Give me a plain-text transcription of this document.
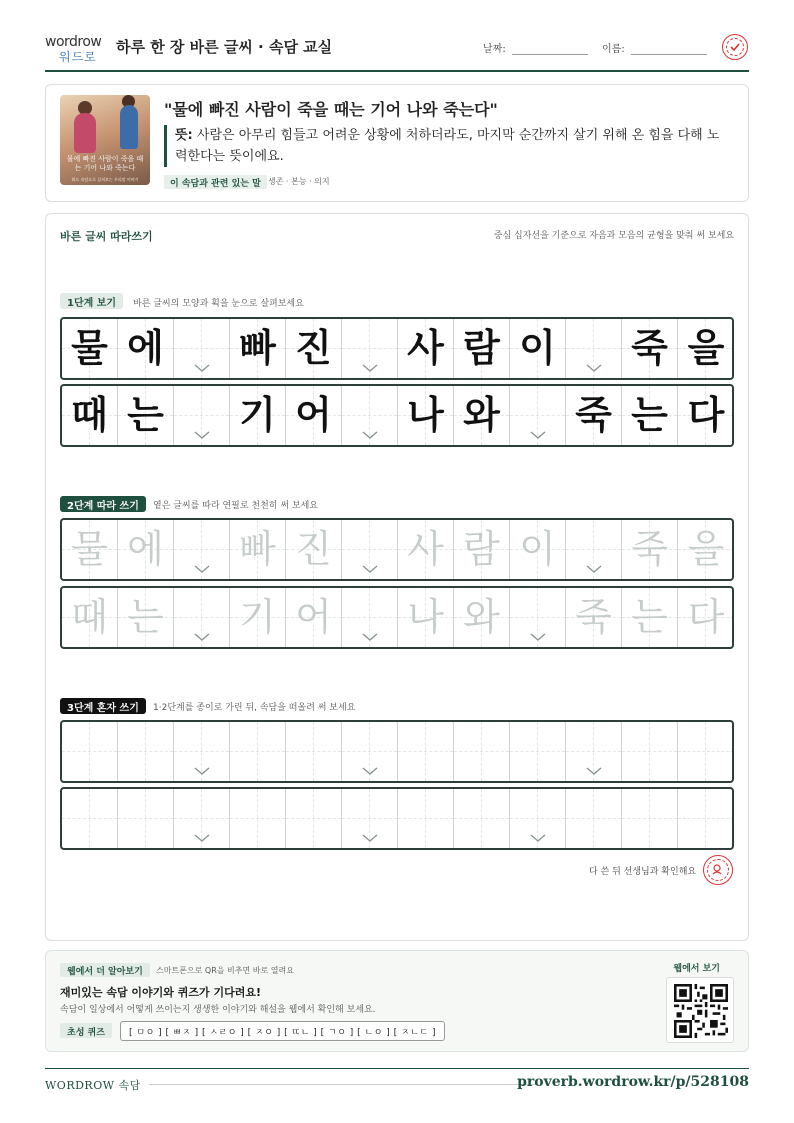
wordrow
워드로
하루 한 장 바른 글씨 · 속담 교실	날짜:	이름:
물에 빠진 사람이 죽을 때는 기어 나와 죽는다
워드 속담으로 살펴보는 우리말 이야기
"물에 빠진 사람이 죽을 때는 기어 나와 죽는다"
뜻: 사람은 아무리 힘들고 어려운 상황에 처하더라도, 마지막 순간까지 살기 위해 온 힘을 다해 노력한다는 뜻이에요.
이 속담과 관련 있는 말 생존 · 본능 · 의지
바른 글씨 따라쓰기	중심 십자선을 기준으로 자음과 모음의 균형을 맞춰 써 보세요
1단계 보기	바른 글씨의 모양과 획을 눈으로 살펴보세요
2단계 따라 쓰기	옅은 글씨를 따라 연필로 천천히 써 보세요
3단계 혼자 쓰기	1·2단계를 종이로 가린 뒤, 속담을 떠올려 써 보세요
물 에 빠 진 사 람 이 죽 을
때 는 기 어 나 와 죽 는 다
물 에 빠 진 사 람 이 죽 을
때 는 기 어 나 와 죽 는 다
다 쓴 뒤 선생님과 확인해요
웹에서 더 알아보기	스마트폰으로 QR을 비추면 바로 열려요
재미있는 속담 이야기와 퀴즈가 기다려요!
속담이 일상에서 어떻게 쓰이는지 생생한 이야기와 해설을 웹에서 확인해 보세요.
초성 퀴즈	[ ㅁㅇ ] [ ㅃㅈ ] [ ㅅㄹㅇ ] [ ㅈㅇ ] [ ㄸㄴ ] [ ㄱㅇ ] [ ㄴㅇ ] [ ㅈㄴㄷ ]
웹에서 보기
WORDROW 속담	proverb.wordrow.kr/p/528108
